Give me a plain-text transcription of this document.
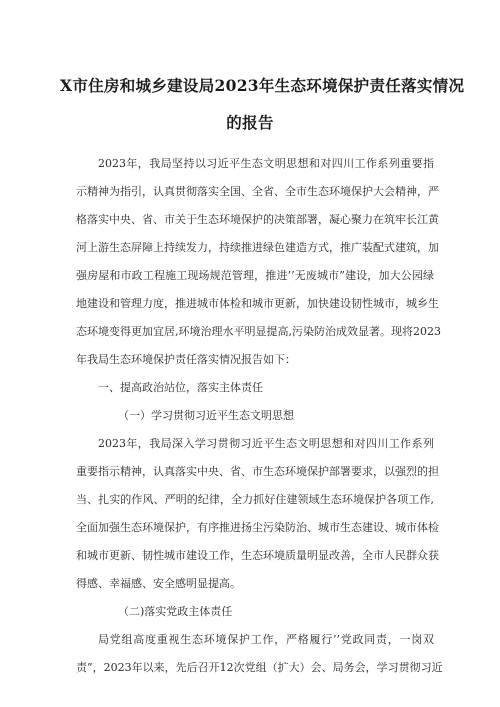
X市住房和城乡建设局2023年生态环境保护责任落实情况
的报告
2023年，我局坚持以习近平生态文明思想和对四川工作系列重要指
示精神为指引，认真贯彻落实全国、全省、全市生态环境保护大会精神，严
格落实中央、省、市关于生态环境保护的决策部署，凝心聚力在筑牢长江黄
河上游生态屏障上持续发力，持续推进绿色建造方式，推广装配式建筑，加
强房屋和市政工程施工现场规范管理，推进’’无废城市”建设，加大公园绿
地建设和管理力度，推进城市体检和城市更新，加快建设韧性城市，城乡生
态环境变得更加宜居,环境治理水平明显提高,污染防治成效显著。现将2023
年我局生态环境保护责任落实情况报告如下：
一、提高政治站位，落实主体责任
（一）学习贯彻习近平生态文明思想
2023年，我局深入学习贯彻习近平生态文明思想和对四川工作系列
重要指示精神，认真落实中央、省、市生态环境保护部署要求，以强烈的担
当、扎实的作风、严明的纪律，全力抓好住建领域生态环境保护各项工作,
全面加强生态环境保护，有序推进扬尘污染防治、城市生态建设、城市体检
和城市更新、韧性城市建设工作，生态环境质量明显改善，全市人民群众获
得感、幸福感、安全感明显提高。
（二)落实党政主体责任
局党组高度重视生态环境保护工作，严格履行’’党政同责，一岗双
责”，2023年以来，先后召开12次党组（扩大）会、局务会，学习贯彻习近
